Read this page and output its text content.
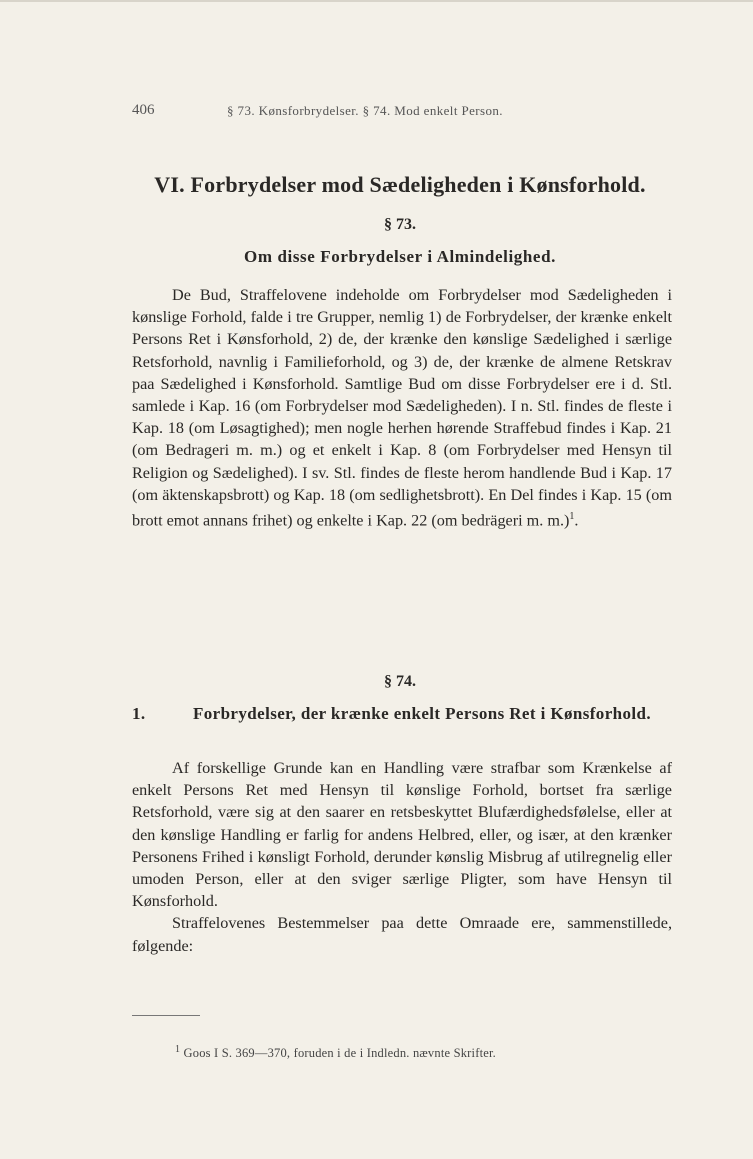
406	§ 73. Kønsforbrydelser. § 74. Mod enkelt Person.
VI. Forbrydelser mod Sædeligheden i Kønsforhold.
§ 73.
Om disse Forbrydelser i Almindelighed.

De Bud, Straffelovene indeholde om Forbrydelser mod Sædeligheden i kønslige Forhold, falde i tre Grupper, nemlig 1) de Forbrydelser, der krænke enkelt Persons Ret i Kønsforhold, 2) de, der krænke den kønslige Sædelighed i særlige Retsforhold, navnlig i Familieforhold, og 3) de, der krænke de almene Retskrav paa Sædelighed i Kønsforhold. Samtlige Bud om disse Forbrydelser ere i d. Stl. samlede i Kap. 16 (om Forbrydelser mod Sædeligheden). I n. Stl. findes de fleste i Kap. 18 (om Løsagtighed); men nogle herhen hørende Straffebud findes i Kap. 21 (om Bedrageri m. m.) og et enkelt i Kap. 8 (om Forbrydelser med Hensyn til Religion og Sædelighed). I sv. Stl. findes de fleste herom handlende Bud i Kap. 17 (om äktenskapsbrott) og Kap. 18 (om sedlighetsbrott). En Del findes i Kap. 15 (om brott emot annans frihet) og enkelte i Kap. 22 (om bedrägeri m. m.)$^1$.

§ 74.
1.	Forbrydelser, der krænke enkelt Persons Ret i Kønsforhold.

Af forskellige Grunde kan en Handling være strafbar som Krænkelse af enkelt Persons Ret med Hensyn til kønslige Forhold, bortset fra særlige Retsforhold, være sig at den saarer en retsbeskyttet Blufærdighedsfølelse, eller at den kønslige Handling er farlig for andens Helbred, eller, og især, at den krænker Personens Frihed i kønsligt Forhold, derunder kønslig Misbrug af utilregnelig eller umoden Person, eller at den sviger særlige Pligter, som have Hensyn til Kønsforhold.

Straffelovenes Bestemmelser paa dette Omraade ere, sammenstillede, følgende:

$^1$ Goos I S. 369—370, foruden i de i Indledn. nævnte Skrifter.
